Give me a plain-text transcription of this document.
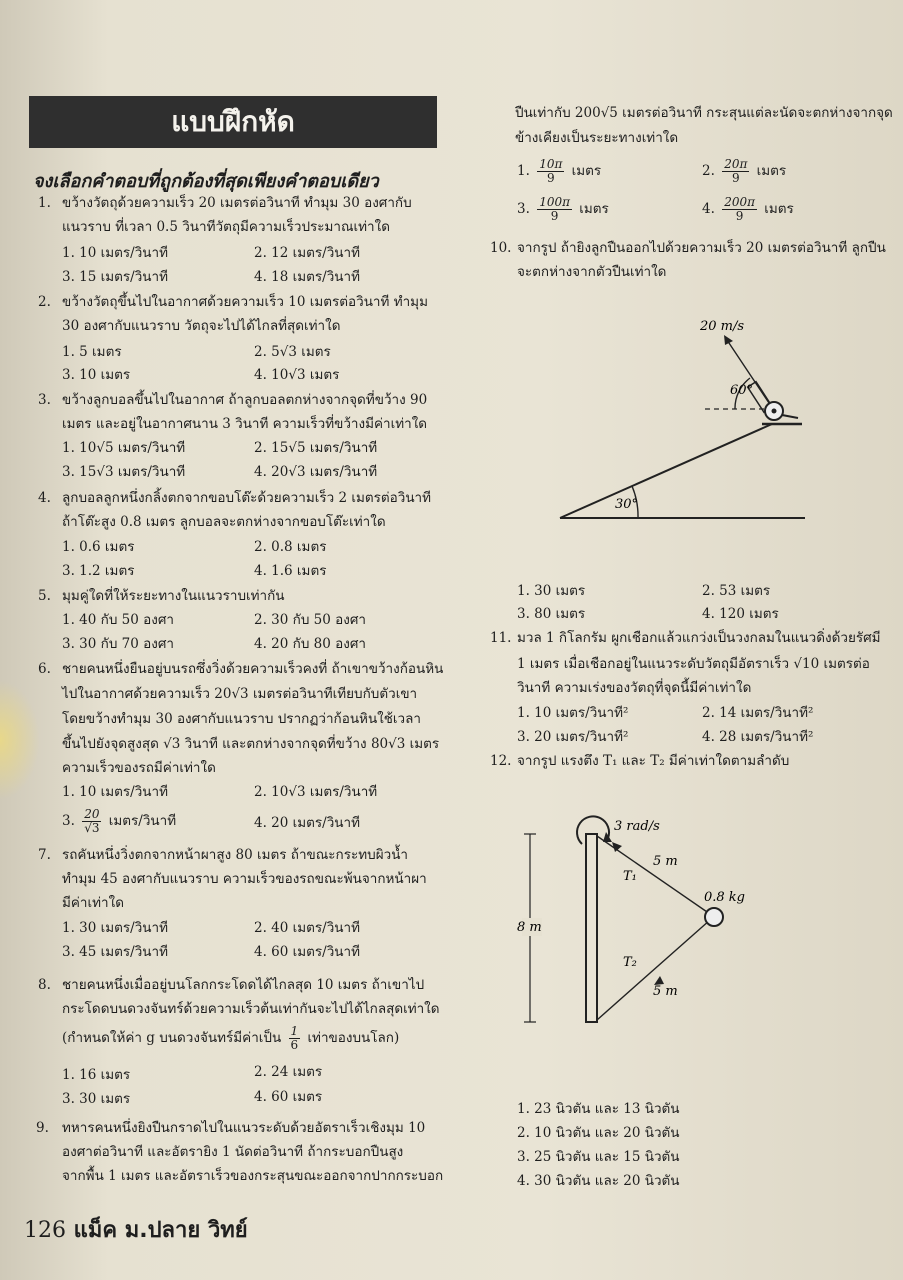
แบบฝึกหัด
จงเลือกคำตอบที่ถูกต้องที่สุดเพียงคำตอบเดียว
1. ขว้างวัตถุด้วยความเร็ว 20 เมตรต่อวินาที ทำมุม 30 องศากับ
แนวราบ ที่เวลา 0.5 วินาทีวัตถุมีความเร็วประมาณเท่าใด
1. 10 เมตร/วินาที	2. 12 เมตร/วินาที
3. 15 เมตร/วินาที	4. 18 เมตร/วินาที
2. ขว้างวัตถุขึ้นไปในอากาศด้วยความเร็ว 10 เมตรต่อวินาที ทำมุม
30 องศากับแนวราบ วัตถุจะไปได้ไกลที่สุดเท่าใด
1. 5 เมตร	2. 5√3 เมตร
3. 10 เมตร	4. 10√3 เมตร
3. ขว้างลูกบอลขึ้นไปในอากาศ ถ้าลูกบอลตกห่างจากจุดที่ขว้าง 90
เมตร และอยู่ในอากาศนาน 3 วินาที ความเร็วที่ขว้างมีค่าเท่าใด
1. 10√5 เมตร/วินาที	2. 15√5 เมตร/วินาที
3. 15√3 เมตร/วินาที	4. 20√3 เมตร/วินาที
4. ลูกบอลลูกหนึ่งกลิ้งตกจากขอบโต๊ะด้วยความเร็ว 2 เมตรต่อวินาที
ถ้าโต๊ะสูง 0.8 เมตร ลูกบอลจะตกห่างจากขอบโต๊ะเท่าใด
1. 0.6 เมตร	2. 0.8 เมตร
3. 1.2 เมตร	4. 1.6 เมตร
5. มุมคู่ใดที่ให้ระยะทางในแนวราบเท่ากัน
1. 40 กับ 50 องศา	2. 30 กับ 50 องศา
3. 30 กับ 70 องศา	4. 20 กับ 80 องศา
6. ชายคนหนึ่งยืนอยู่บนรถซึ่งวิ่งด้วยความเร็วคงที่ ถ้าเขาขว้างก้อนหิน
ไปในอากาศด้วยความเร็ว 20√3 เมตรต่อวินาทีเทียบกับตัวเขา
โดยขว้างทำมุม 30 องศากับแนวราบ ปรากฏว่าก้อนหินใช้เวลา
ขึ้นไปยังจุดสูงสุด √3 วินาที และตกห่างจากจุดที่ขว้าง 80√3 เมตร
ความเร็วของรถมีค่าเท่าใด
1. 10 เมตร/วินาที	2. 10√3 เมตร/วินาที
3. $\frac{20}{√3}$ เมตร/วินาที	4. 20 เมตร/วินาที
7. รถคันหนึ่งวิ่งตกจากหน้าผาสูง 80 เมตร ถ้าขณะกระทบผิวน้ำ
ทำมุม 45 องศากับแนวราบ ความเร็วของรถขณะพ้นจากหน้าผา
มีค่าเท่าใด
1. 30 เมตร/วินาที	2. 40 เมตร/วินาที
3. 45 เมตร/วินาที	4. 60 เมตร/วินาที
8. ชายคนหนึ่งเมื่ออยู่บนโลกกระโดดได้ไกลสุด 10 เมตร ถ้าเขาไป
กระโดดบนดวงจันทร์ด้วยความเร็วต้นเท่ากันจะไปได้ไกลสุดเท่าใด
(กำหนดให้ค่า g บนดวงจันทร์มีค่าเป็น $\frac{1}{6}$ เท่าของบนโลก)
1. 16 เมตร	2. 24 เมตร
3. 30 เมตร	4. 60 เมตร
9. ทหารคนหนึ่งยิงปืนกราดไปในแนวระดับด้วยอัตราเร็วเชิงมุม 10
องศาต่อวินาที และอัตรายิง 1 นัดต่อวินาที ถ้ากระบอกปืนสูง
จากพื้น 1 เมตร และอัตราเร็วของกระสุนขณะออกจากปากกระบอก
ปืนเท่ากับ 200√5 เมตรต่อวินาที กระสุนแต่ละนัดจะตกห่างจากจุด
ข้างเคียงเป็นระยะทางเท่าใด
1. $\frac{10\pi}{9}$ เมตร	2. $\frac{20\pi}{9}$ เมตร
3. $\frac{100\pi}{9}$ เมตร	4. $\frac{200\pi}{9}$ เมตร
10. จากรูป ถ้ายิงลูกปืนออกไปด้วยความเร็ว 20 เมตรต่อวินาที ลูกปืน
จะตกห่างจากตัวปืนเท่าใด
30°
60°
20 m/s
1. 30 เมตร	2. 53 เมตร
3. 80 เมตร	4. 120 เมตร
11. มวล 1 กิโลกรัม ผูกเชือกแล้วแกว่งเป็นวงกลมในแนวดิ่งด้วยรัศมี
1 เมตร เมื่อเชือกอยู่ในแนวระดับวัตถุมีอัตราเร็ว √10 เมตรต่อ
วินาที ความเร่งของวัตถุที่จุดนี้มีค่าเท่าใด
1. 10 เมตร/วินาที²	2. 14 เมตร/วินาที²
3. 20 เมตร/วินาที²	4. 28 เมตร/วินาที²
12. จากรูป แรงตึง T₁ และ T₂ มีค่าเท่าใดตามลำดับ
8 m
3 rad/s
5 m
T₁
0.8 kg
T₂
5 m
1. 23 นิวตัน และ 13 นิวตัน
2. 10 นิวตัน และ 20 นิวตัน
3. 25 นิวตัน และ 15 นิวตัน
4. 30 นิวตัน และ 20 นิวตัน
126 แม็ค ม.ปลาย วิทย์
